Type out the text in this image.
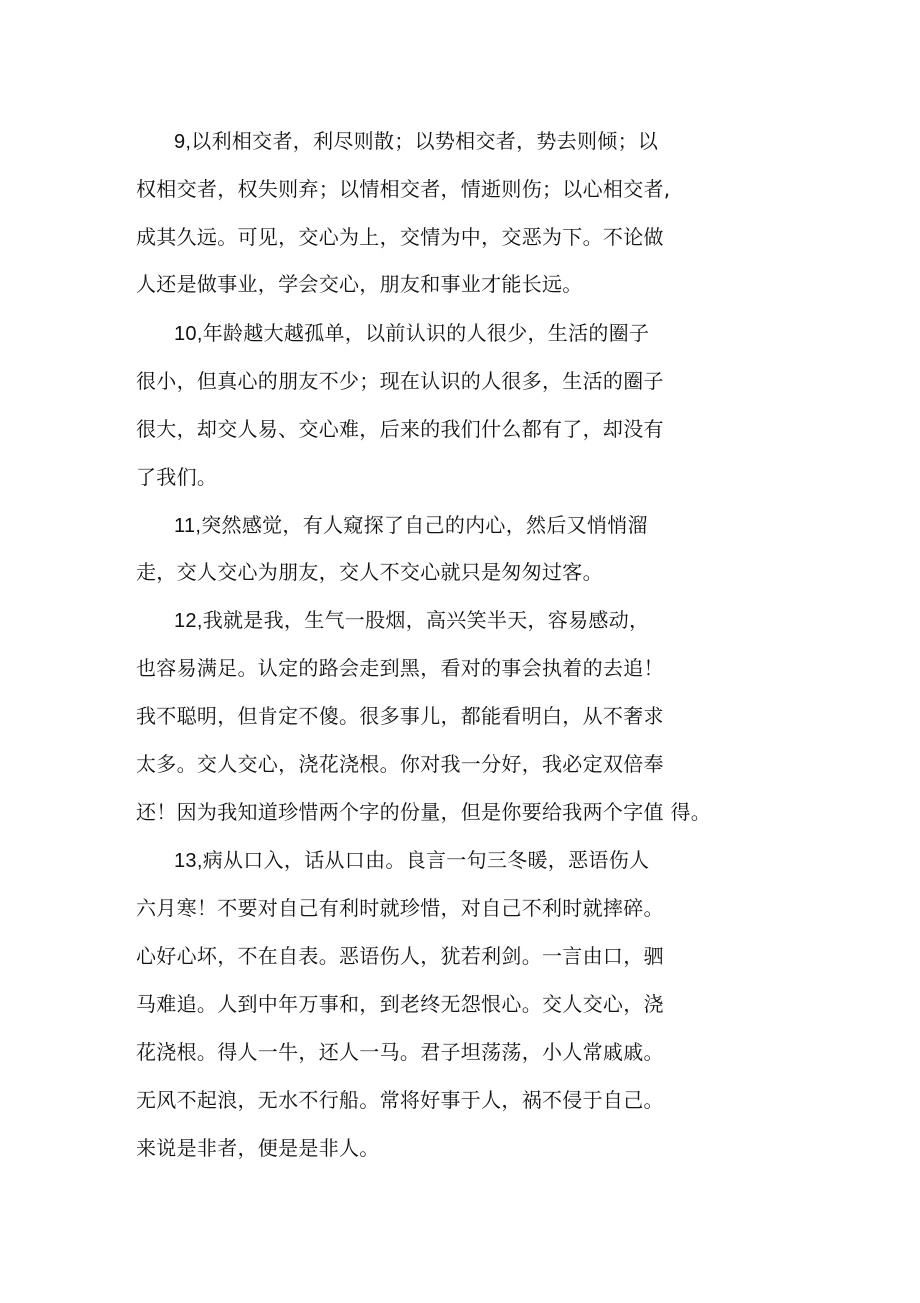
9,以利相交者，利尽则散；以势相交者，势去则倾；以
权相交者，权失则弃；以情相交者，情逝则伤；以心相交者,
成其久远。可见，交心为上，交情为中，交恶为下。不论做
人还是做事业，学会交心，朋友和事业才能长远。
10,年龄越大越孤单，以前认识的人很少，生活的圈子
很小，但真心的朋友不少；现在认识的人很多，生活的圈子
很大，却交人易、交心难，后来的我们什么都有了，却没有
了我们。
11,突然感觉，有人窥探了自己的内心，然后又悄悄溜
走，交人交心为朋友，交人不交心就只是匆匆过客。
12,我就是我，生气一股烟，高兴笑半天，容易感动，
也容易满足。认定的路会走到黑，看对的事会执着的去追！
我不聪明，但肯定不傻。很多事儿，都能看明白，从不奢求
太多。交人交心，浇花浇根。你对我一分好，我必定双倍奉
还！因为我知道珍惜两个字的份量，但是你要给我两个字值 得。
13,病从口入，话从口由。良言一句三冬暖，恶语伤人
六月寒！不要对自己有利时就珍惜，对自己不利时就摔碎。
心好心坏，不在自表。恶语伤人，犹若利剑。一言由口，驷
马难追。人到中年万事和，到老终无怨恨心。交人交心，浇
花浇根。得人一牛，还人一马。君子坦荡荡，小人常戚戚。
无风不起浪，无水不行船。常将好事于人，祸不侵于自己。
来说是非者，便是是非人。
